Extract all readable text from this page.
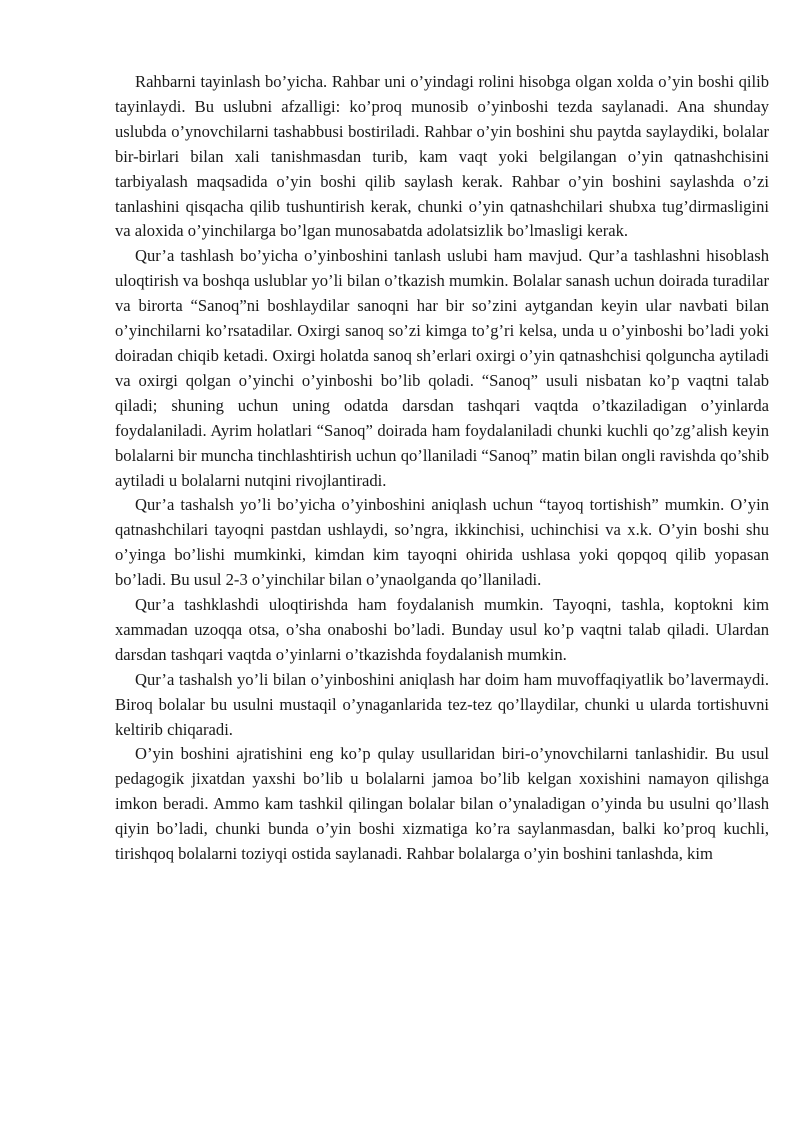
Rahbarni tayinlash bo’yicha. Rahbar uni o’yindagi rolini hisobga olgan xolda o’yin boshi qilib tayinlaydi. Bu uslubni afzalligi: ko’proq munosib o’yinboshi tezda saylanadi. Ana shunday uslubda o’ynovchilarni tashabbusi bostiriladi. Rahbar o’yin boshini shu paytda saylaydiki, bolalar bir-birlari bilan xali tanishmasdan turib, kam vaqt yoki belgilangan o’yin qatnashchisini tarbiyalash maqsadida o’yin boshi qilib saylash kerak. Rahbar o’yin boshini saylashda o’zi tanlashini qisqacha qilib tushuntirish kerak, chunki o’yin qatnashchilari shubxa tug’dirmasligini va aloxida o’yinchilarga bo’lgan munosabatda adolatsizlik bo’lmasligi kerak.

Qur’a tashlash bo’yicha o’yinboshini tanlash uslubi ham mavjud. Qur’a tashlashni hisoblash uloqtirish va boshqa uslublar yo’li bilan o’tkazish mumkin. Bolalar sanash uchun doirada turadilar va birorta “Sanoq”ni boshlaydilar sanoqni har bir so’zini aytgandan keyin ular navbati bilan o’yinchilarni ko’rsatadilar. Oxirgi sanoq so’zi kimga to’g’ri kelsa, unda u o’yinboshi bo’ladi yoki doiradan chiqib ketadi. Oxirgi holatda sanoq sh’erlari oxirgi o’yin qatnashchisi qolguncha aytiladi va oxirgi qolgan o’yinchi o’yinboshi bo’lib qoladi. “Sanoq” usuli nisbatan ko’p vaqtni talab qiladi; shuning uchun uning odatda darsdan tashqari vaqtda o’tkaziladigan o’yinlarda foydalaniladi. Ayrim holatlari “Sanoq” doirada ham foydalaniladi chunki kuchli qo’zg’alish keyin bolalarni bir muncha tinchlashtirish uchun qo’llaniladi “Sanoq” matin bilan ongli ravishda qo’shib aytiladi u bolalarni nutqini rivojlantiradi.

Qur’a tashalsh yo’li bo’yicha o’yinboshini aniqlash uchun “tayoq tortishish” mumkin. O’yin qatnashchilari tayoqni pastdan ushlaydi, so’ngra, ikkinchisi, uchinchisi va x.k. O’yin boshi shu o’yinga bo’lishi mumkinki, kimdan kim tayoqni ohirida ushlasa yoki qopqoq qilib yopasan bo’ladi. Bu usul 2-3 o’yinchilar bilan o’ynaolganda qo’llaniladi.

Qur’a tashklashdi uloqtirishda ham foydalanish mumkin. Tayoqni, tashla, koptokni kim xammadan uzoqqa otsa, o’sha onaboshi bo’ladi. Bunday usul ko’p vaqtni talab qiladi. Ulardan darsdan tashqari vaqtda o’yinlarni o’tkazishda foydalanish mumkin.

Qur’a tashalsh yo’li bilan o’yinboshini aniqlash har doim ham muvoffaqiyatlik bo’lavermaydi. Biroq bolalar bu usulni mustaqil o’ynaganlarida tez-tez qo’llaydilar, chunki u ularda tortishuvni keltirib chiqaradi.

O’yin boshini ajratishini eng ko’p qulay usullaridan biri-o’ynovchilarni tanlashidir. Bu usul pedagogik jixatdan yaxshi bo’lib u bolalarni jamoa bo’lib kelgan xoxishini namayon qilishga imkon beradi. Ammo kam tashkil qilingan bolalar bilan o’ynaladigan o’yinda bu usulni qo’llash qiyin bo’ladi, chunki bunda o’yin boshi xizmatiga ko’ra saylanmasdan, balki ko’proq kuchli, tirishqoq bolalarni toziyqi ostida saylanadi. Rahbar bolalarga o’yin boshini tanlashda, kim
